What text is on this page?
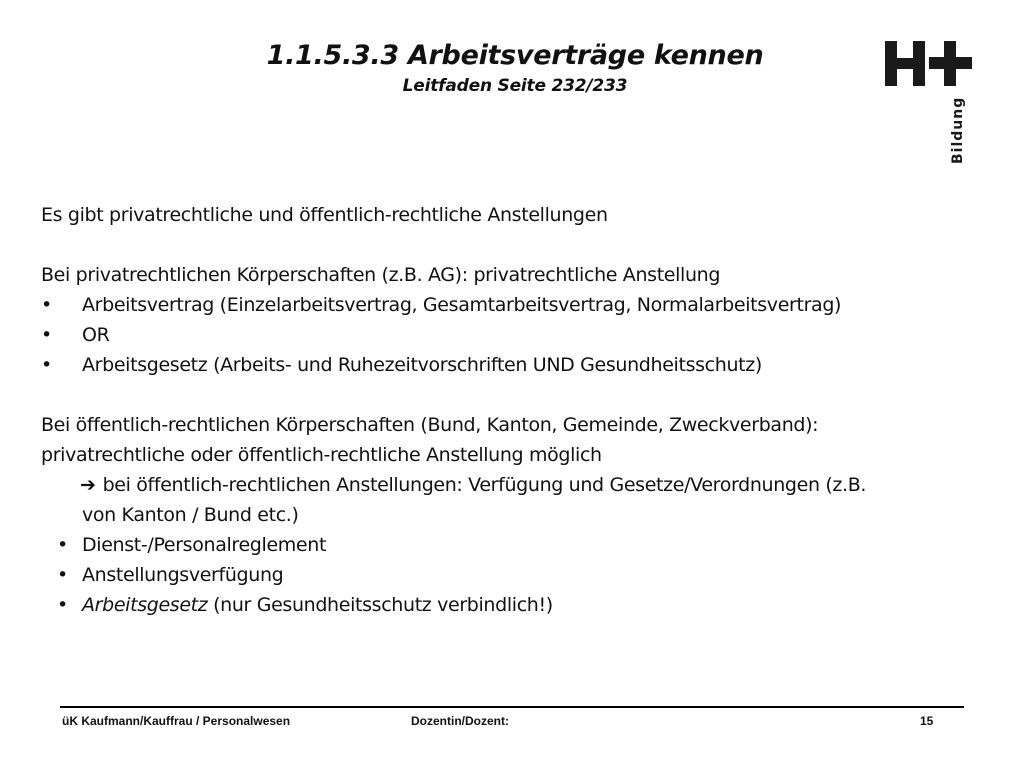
1.1.5.3.3 Arbeitsverträge kennen
Leitfaden Seite 232/233
Bildung

Es gibt privatrechtliche und öffentlich-rechtliche Anstellungen

Bei privatrechtlichen Körperschaften (z.B. AG): privatrechtliche Anstellung

•	Arbeitsvertrag (Einzelarbeitsvertrag, Gesamtarbeitsvertrag, Normalarbeitsvertrag)
•	OR
•	Arbeitsgesetz (Arbeits- und Ruhezeitvorschriften UND Gesundheitsschutz)

Bei öffentlich-rechtlichen Körperschaften (Bund, Kanton, Gemeinde, Zweckverband):

privatrechtliche oder öffentlich-rechtliche Anstellung möglich

➔ bei öffentlich-rechtlichen Anstellungen: Verfügung und Gesetze/Verordnungen (z.B.
von Kanton / Bund etc.)
• Dienst-/Personalreglement
• Anstellungsverfügung
• Arbeitsgesetz (nur Gesundheitsschutz verbindlich!)
üK Kaufmann/Kauffrau / Personalwesen	Dozentin/Dozent:	15
